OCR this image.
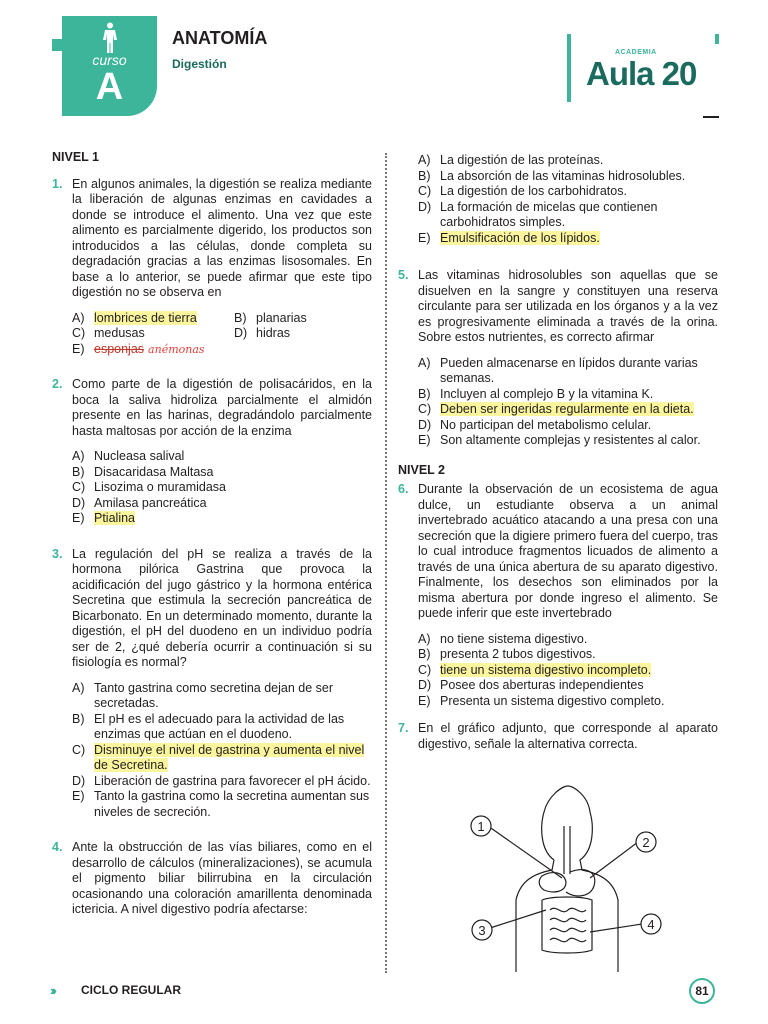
curso
A
ANATOMÍA
Digestión
ACADEMIA
Aula 20
NIVEL 1
1. En algunos animales, la digestión se realiza mediante la liberación de algunas enzimas en cavidades a donde se introduce el alimento. Una vez que este alimento es parcialmente digerido, los productos son introducidos a las células, donde completa su degradación gracias a las enzimas lisosomales. En base a lo anterior, se puede afirmar que este tipo digestión no se observa en
A) lombrices de tierra	B) planarias
C) medusas	D) hidras
E) esponjas anémonas
2. Como parte de la digestión de polisacáridos, en la boca la saliva hidroliza parcialmente el almidón presente en las harinas, degradándolo parcialmente hasta maltosas por acción de la enzima
A) Nucleasa salival
B) Disacaridasa Maltasa
C) Lisozima o muramidasa
D) Amilasa pancreática
E) Ptialina
3. La regulación del pH se realiza a través de la hormona pilórica Gastrina que provoca la acidificación del jugo gástrico y la hormona entérica Secretina que estimula la secreción pancreática de Bicarbonato. En un determinado momento, durante la digestión, el pH del duodeno en un individuo podría ser de 2, ¿qué debería ocurrir a continuación si su fisiología es normal?
A) Tanto gastrina como secretina dejan de ser secretadas.
B) El pH es el adecuado para la actividad de las enzimas que actúan en el duodeno.
C) Disminuye el nivel de gastrina y aumenta el nivel de Secretina.
D) Liberación de gastrina para favorecer el pH ácido.
E) Tanto la gastrina como la secretina aumentan sus niveles de secreción.
4. Ante la obstrucción de las vías biliares, como en el desarrollo de cálculos (mineralizaciones), se acumula el pigmento biliar bilirrubina en la circulación ocasionando una coloración amarillenta denominada ictericia. A nivel digestivo podría afectarse:
A) La digestión de las proteínas.
B) La absorción de las vitaminas hidrosolubles.
C) La digestión de los carbohidratos.
D) La formación de micelas que contienen carbohidratos simples.
E) Emulsificación de los lípidos.
5. Las vitaminas hidrosolubles son aquellas que se disuelven en la sangre y constituyen una reserva circulante para ser utilizada en los órganos y a la vez es progresivamente eliminada a través de la orina. Sobre estos nutrientes, es correcto afirmar
A) Pueden almacenarse en lípidos durante varias semanas.
B) Incluyen al complejo B y la vitamina K.
C) Deben ser ingeridas regularmente en la dieta.
D) No participan del metabolismo celular.
E) Son altamente complejas y resistentes al calor.
NIVEL 2
6. Durante la observación de un ecosistema de agua dulce, un estudiante observa a un animal invertebrado acuático atacando a una presa con una secreción que la digiere primero fuera del cuerpo, tras lo cual introduce fragmentos licuados de alimento a través de una única abertura de su aparato digestivo. Finalmente, los desechos son eliminados por la misma abertura por donde ingreso el alimento. Se puede inferir que este invertebrado
A) no tiene sistema digestivo.
B) presenta 2 tubos digestivos.
C) tiene un sistema digestivo incompleto.
D) Posee dos aberturas independientes
E) Presenta un sistema digestivo completo.
7. En el gráfico adjunto, que corresponde al aparato digestivo, señale la alternativa correcta.
1
2
3	4
››› CICLO REGULAR	81
